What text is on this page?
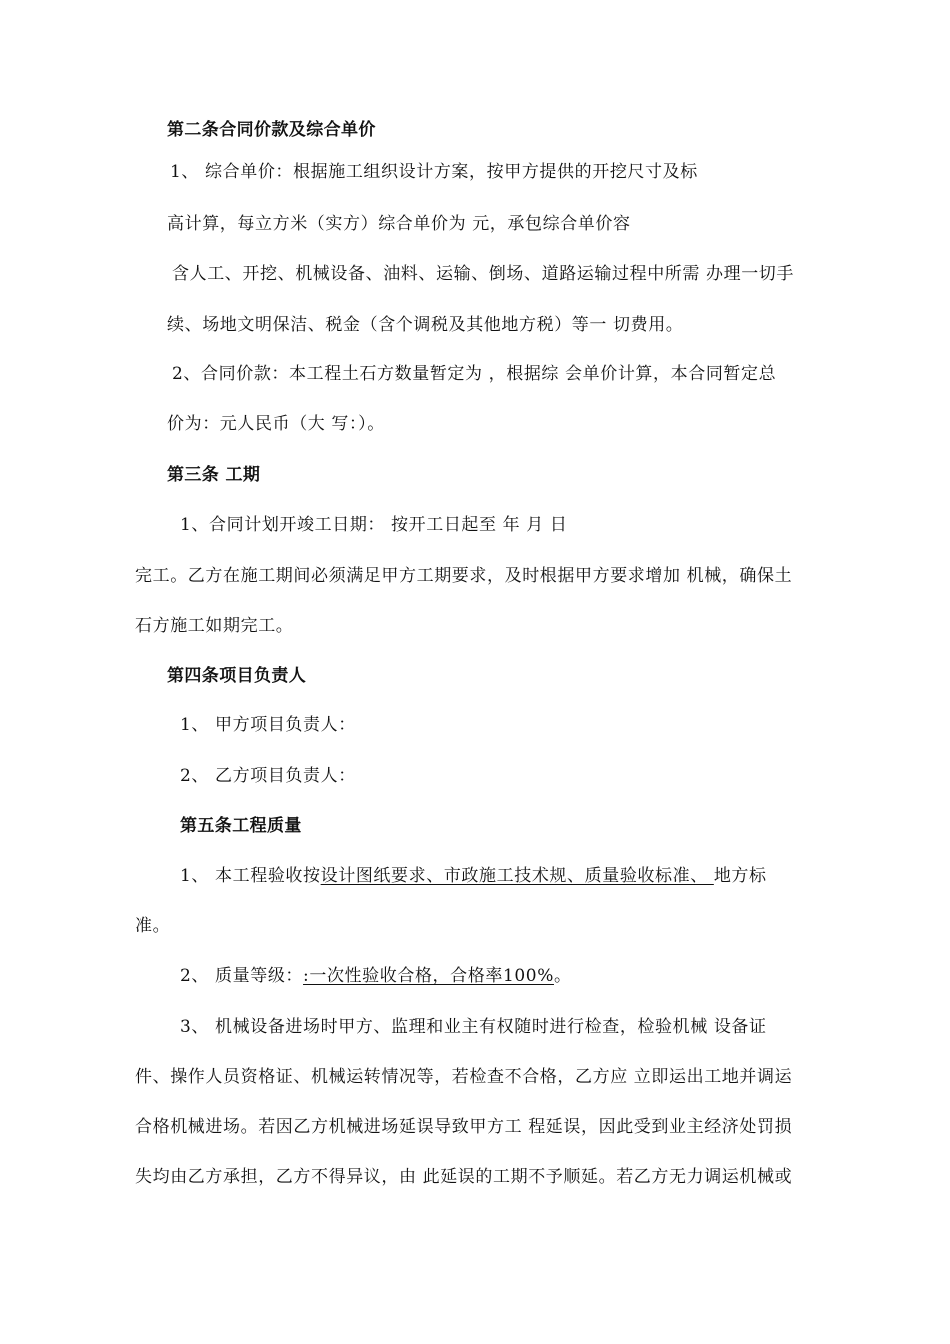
第二条合同价款及综合单价
1、 综合单价：根据施工组织设计方案，按甲方提供的开挖尺寸及标
高计算，每立方米（实方）综合单价为 元，承包综合单价容
含人工、开挖、机械设备、油料、运输、倒场、道路运输过程中所需 办理一切手
续、场地文明保洁、税金（含个调税及其他地方税）等一 切费用。
2、合同价款：本工程土石方数量暂定为 ，根据综 会单价计算，本合同暂定总
价为：元人民币（大 写：）。
第三条 工期
1、合同计划开竣工日期： 按开工日起至 年 月 日
完工。乙方在施工期间必须满足甲方工期要求，及时根据甲方要求增加 机械，确保土
石方施工如期完工。
第四条项目负责人
1、 甲方项目负责人：
2、 乙方项目负责人：
第五条工程质量
1、 本工程验收按设计图纸要求、市政施工技术规、质量验收标准、 地方标
准。
2、 质量等级：:一次性验收合格，合格率100%。
3、 机械设备进场时甲方、监理和业主有权随时进行检查，检验机械 设备证
件、操作人员资格证、机械运转情况等，若检查不合格，乙方应 立即运出工地并调运
合格机械进场。若因乙方机械进场延误导致甲方工 程延误，因此受到业主经济处罚损
失均由乙方承担，乙方不得异议，由 此延误的工期不予顺延。若乙方无力调运机械或
